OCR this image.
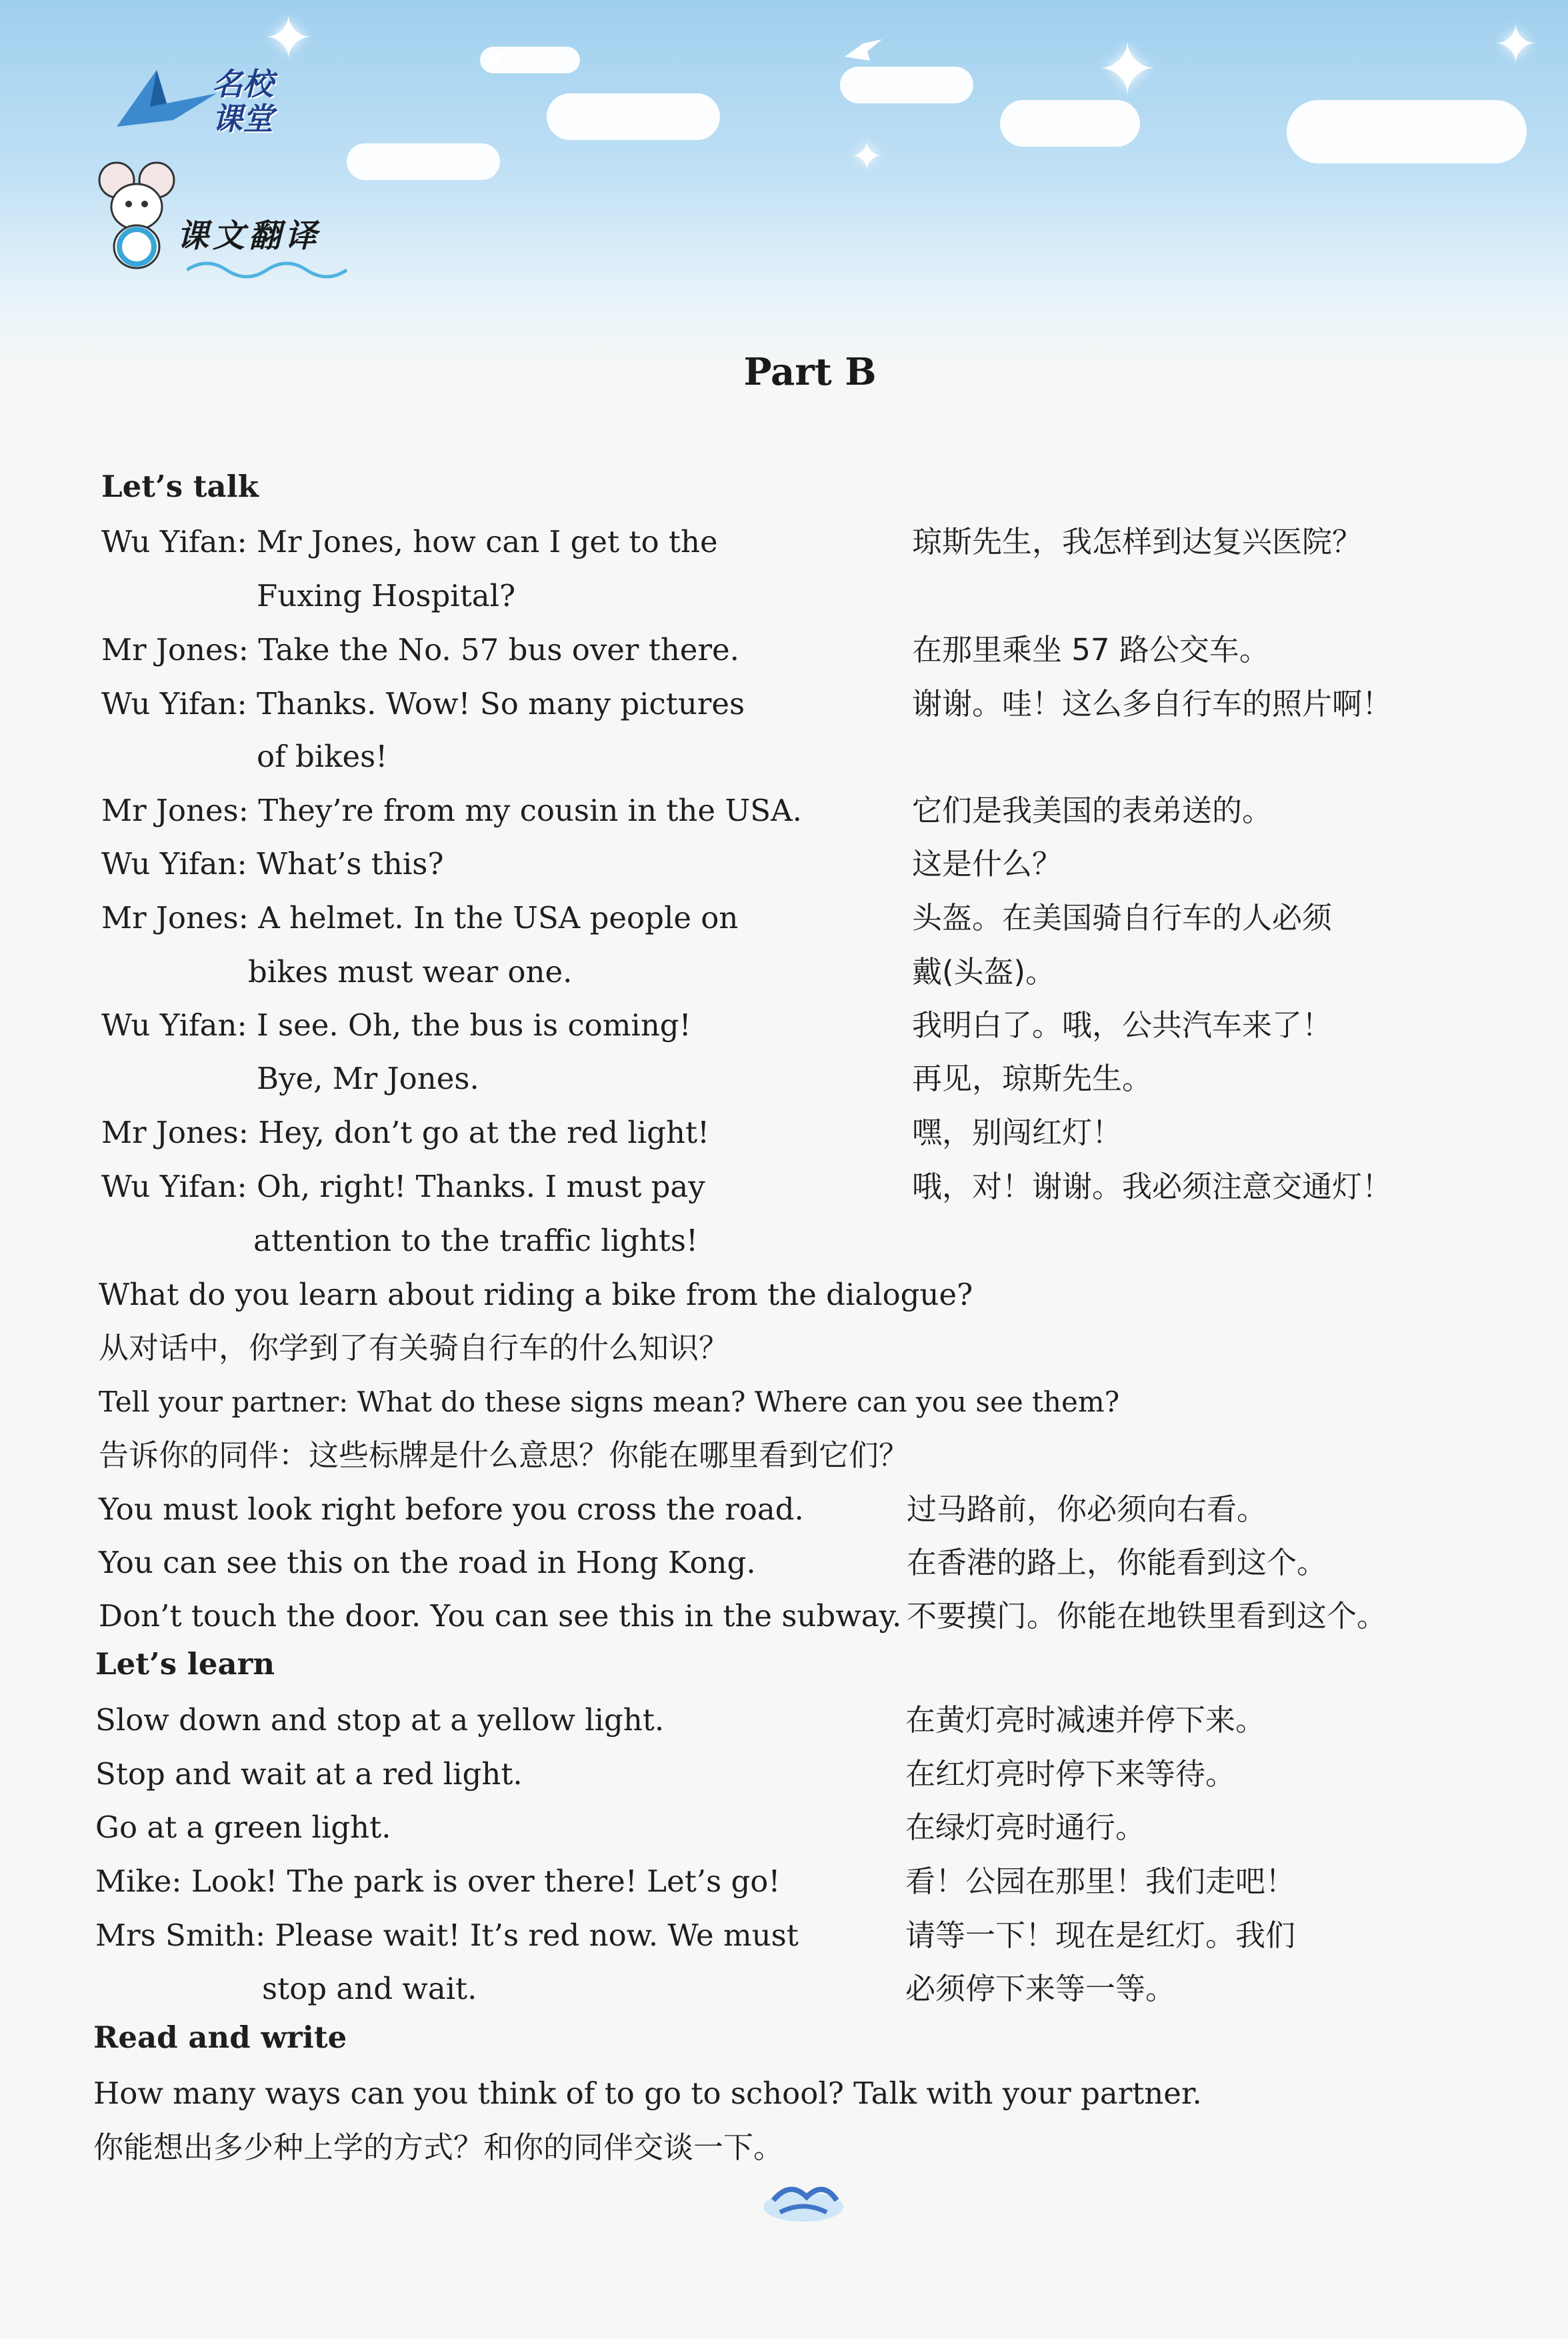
✦	✦
✦
✦
名校
课堂
课文翻译
Part B
Let’s talk
Wu Yifan: Mr Jones, how can I get to the	琼斯先生，我怎样到达复兴医院？
Fuxing Hospital?
Mr Jones: Take the No. 57 bus over there.	在那里乘坐 57 路公交车。
Wu Yifan: Thanks. Wow! So many pictures	谢谢。哇！这么多自行车的照片啊！
of bikes!
Mr Jones: They’re from my cousin in the USA.	它们是我美国的表弟送的。
Wu Yifan: What’s this?	这是什么？
Mr Jones: A helmet. In the USA people on	头盔。在美国骑自行车的人必须
bikes must wear one.	戴(头盔)。
Wu Yifan: I see. Oh, the bus is coming!	我明白了。哦，公共汽车来了！
Bye, Mr Jones.	再见，琼斯先生。
Mr Jones: Hey, don’t go at the red light!	嘿，别闯红灯！
Wu Yifan: Oh, right! Thanks. I must pay	哦，对！谢谢。我必须注意交通灯！
attention to the traffic lights!
What do you learn about riding a bike from the dialogue?
从对话中，你学到了有关骑自行车的什么知识？
Tell your partner: What do these signs mean? Where can you see them?
告诉你的同伴：这些标牌是什么意思？你能在哪里看到它们？
You must look right before you cross the road.	过马路前，你必须向右看。
You can see this on the road in Hong Kong.	在香港的路上，你能看到这个。
Don’t touch the door. You can see this in the subway. 不要摸门。你能在地铁里看到这个。
Let’s learn
Slow down and stop at a yellow light.	在黄灯亮时减速并停下来。
Stop and wait at a red light.	在红灯亮时停下来等待。
Go at a green light.	在绿灯亮时通行。
Mike: Look! The park is over there! Let’s go!	看！公园在那里！我们走吧！
Mrs Smith: Please wait! It’s red now. We must	请等一下！现在是红灯。我们
stop and wait.	必须停下来等一等。
Read and write
How many ways can you think of to go to school? Talk with your partner.
你能想出多少种上学的方式？和你的同伴交谈一下。
